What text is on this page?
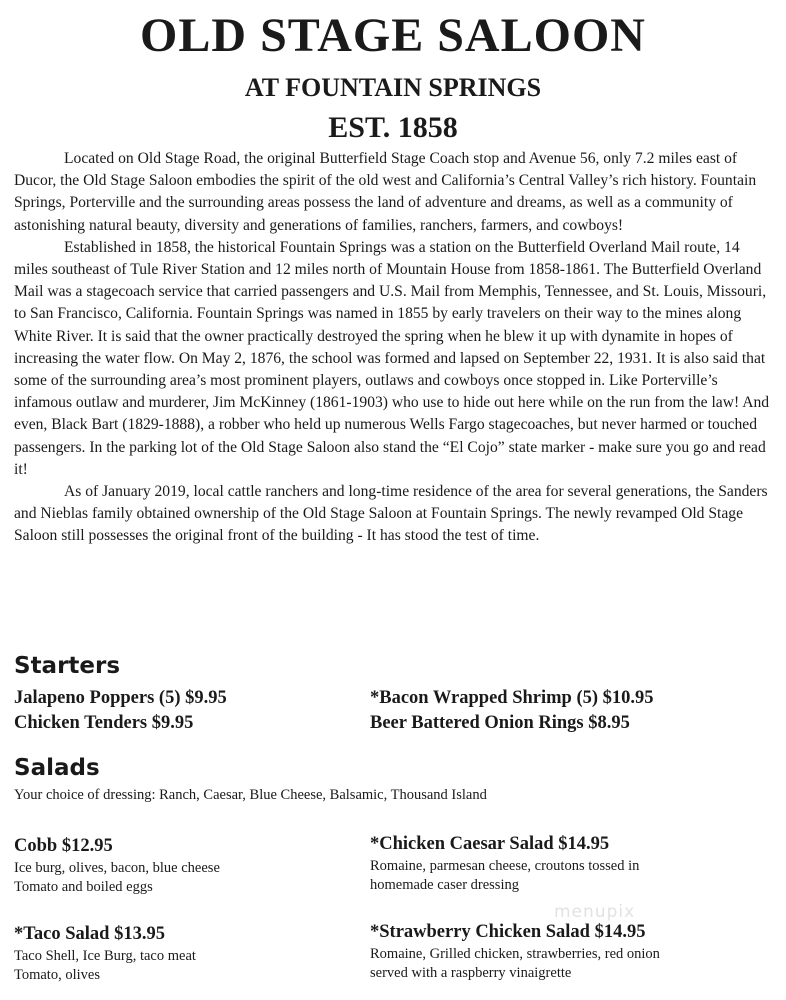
OLD STAGE SALOON
AT FOUNTAIN SPRINGS
EST. 1858

Located on Old Stage Road, the original Butterfield Stage Coach stop and Avenue 56, only 7.2 miles east of Ducor, the Old Stage Saloon embodies the spirit of the old west and California’s Central Valley’s rich history. Fountain Springs, Porterville and the surrounding areas possess the land of adventure and dreams, as well as a community of astonishing natural beauty, diversity and generations of families, ranchers, farmers, and cowboys!

Established in 1858, the historical Fountain Springs was a station on the Butterfield Overland Mail route, 14 miles southeast of Tule River Station and 12 miles north of Mountain House from 1858-1861. The Butterfield Overland Mail was a stagecoach service that carried passengers and U.S. Mail from Memphis, Tennessee, and St. Louis, Missouri, to San Francisco, California. Fountain Springs was named in 1855 by early travelers on their way to the mines along White River. It is said that the owner practically destroyed the spring when he blew it up with dynamite in hopes of increasing the water flow. On May 2, 1876, the school was formed and lapsed on September 22, 1931. It is also said that some of the surrounding area’s most prominent players, outlaws and cowboys once stopped in. Like Porterville’s infamous outlaw and murderer, Jim McKinney (1861-1903) who use to hide out here while on the run from the law! And even, Black Bart (1829-1888), a robber who held up numerous Wells Fargo stagecoaches, but never harmed or touched passengers. In the parking lot of the Old Stage Saloon also stand the “El Cojo” state marker - make sure you go and read it!

As of January 2019, local cattle ranchers and long-time residence of the area for several generations, the Sanders and Nieblas family obtained ownership of the Old Stage Saloon at Fountain Springs. The newly revamped Old Stage Saloon still possesses the original front of the building - It has stood the test of time.

Starters
Jalapeno Poppers (5) $9.95	*Bacon Wrapped Shrimp (5) $10.95
Chicken Tenders $9.95	Beer Battered Onion Rings $8.95
Salads
Your choice of dressing: Ranch, Caesar, Blue Cheese, Balsamic, Thousand Island
Cobb $12.95
Ice burg, olives, bacon, blue cheese
Tomato and boiled eggs
*Chicken Caesar Salad $14.95
Romaine, parmesan cheese, croutons tossed in
homemade caser dressing
menupix
*Taco Salad $13.95
Taco Shell, Ice Burg, taco meat
Tomato, olives
*Strawberry Chicken Salad $14.95
Romaine, Grilled chicken, strawberries, red onion
served with a raspberry vinaigrette
